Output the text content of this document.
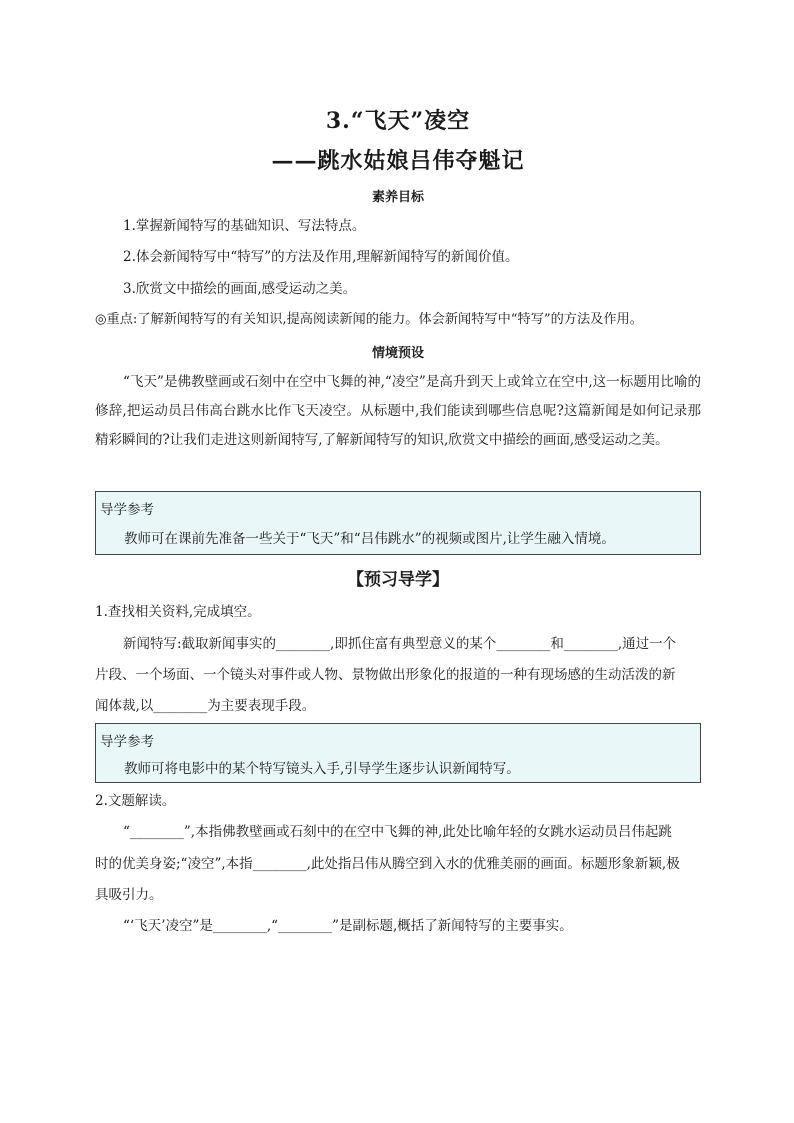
3.“飞天”凌空
——跳水姑娘吕伟夺魁记
素养目标
1.掌握新闻特写的基础知识、写法特点。
2.体会新闻特写中“特写”的方法及作用,理解新闻特写的新闻价值。
3.欣赏文中描绘的画面,感受运动之美。
◎重点:了解新闻特写的有关知识,提高阅读新闻的能力。体会新闻特写中“特写”的方法及作用。
情境预设
“飞天”是佛教壁画或石刻中在空中飞舞的神,“凌空”是高升到天上或耸立在空中,这一标题用比喻的修辞,把运动员吕伟高台跳水比作飞天凌空。从标题中,我们能读到哪些信息呢?这篇新闻是如何记录那精彩瞬间的?让我们走进这则新闻特写,了解新闻特写的知识,欣赏文中描绘的画面,感受运动之美。
导学参考
教师可在课前先准备一些关于“飞天”和“吕伟跳水”的视频或图片,让学生融入情境。
【预习导学】
1.查找相关资料,完成填空。
新闻特写:截取新闻事实的________,即抓住富有典型意义的某个________和________,通过一个
片段、一个场面、一个镜头对事件或人物、景物做出形象化的报道的一种有现场感的生动活泼的新
闻体裁,以________为主要表现手段。
导学参考
教师可将电影中的某个特写镜头入手,引导学生逐步认识新闻特写。
2.文题解读。
“________”,本指佛教壁画或石刻中的在空中飞舞的神,此处比喻年轻的女跳水运动员吕伟起跳
时的优美身姿;“凌空”,本指________,此处指吕伟从腾空到入水的优雅美丽的画面。标题形象新颖,极
具吸引力。
“‘飞天’凌空”是________,“________”是副标题,概括了新闻特写的主要事实。
